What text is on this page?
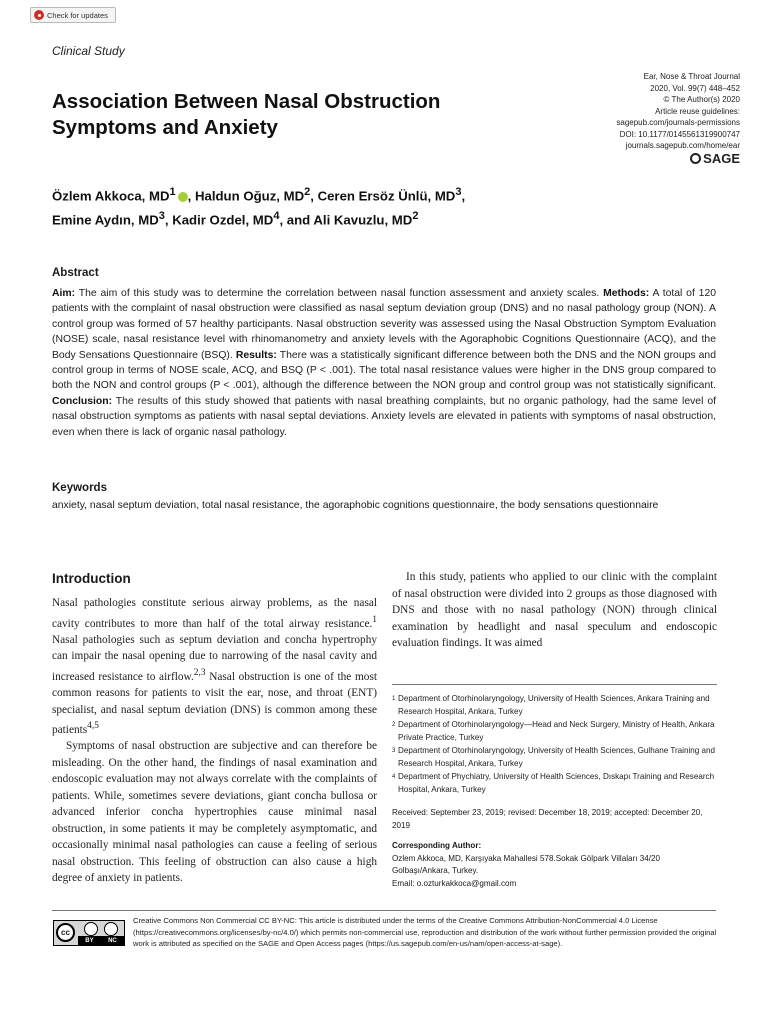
Check for updates
Clinical Study
Ear, Nose & Throat Journal
2020, Vol. 99(7) 448–452
© The Author(s) 2020
Article reuse guidelines:
sagepub.com/journals-permissions
DOI: 10.1177/0145561319900747
journals.sagepub.com/home/ear
SAGE
Association Between Nasal Obstruction Symptoms and Anxiety
Özlem Akkoca, $MD^1$ , Haldun Oğuz, $MD^2$, Ceren Ersöz Ünlü, $MD^3$,
Emine Aydın, $MD^3$, Kadir Ozdel, $MD^4$, and Ali Kavuzlu, $MD^2$
Abstract
Aim: The aim of this study was to determine the correlation between nasal function assessment and anxiety scales. Methods: A total of 120 patients with the complaint of nasal obstruction were classified as nasal septum deviation group (DNS) and no nasal pathology group (NON). A control group was formed of 57 healthy participants. Nasal obstruction severity was assessed using the Nasal Obstruction Symptom Evaluation (NOSE) scale, nasal resistance level with rhinomanometry and anxiety levels with the Agoraphobic Cognitions Questionnaire (ACQ), and the Body Sensations Questionnaire (BSQ). Results: There was a statistically significant difference between both the DNS and the NON groups and control group in terms of NOSE scale, ACQ, and BSQ (P < .001). The total nasal resistance values were higher in the DNS group compared to both the NON and control groups (P < .001), although the difference between the NON group and control group was not statistically significant. Conclusion: The results of this study showed that patients with nasal breathing complaints, but no organic pathology, had the same level of nasal obstruction symptoms as patients with nasal septal deviations. Anxiety levels are elevated in patients with symptoms of nasal obstruction, even when there is lack of organic nasal pathology.
Keywords
anxiety, nasal septum deviation, total nasal resistance, the agoraphobic cognitions questionnaire, the body sensations questionnaire
Introduction

Nasal pathologies constitute serious airway problems, as the nasal cavity contributes to more than half of the total airway resistance.$^1$ Nasal pathologies such as septum deviation and concha hypertrophy can impair the nasal opening due to narrowing of the nasal cavity and increased resistance to airflow.$^{2,3}$ Nasal obstruction is one of the most common reasons for patients to visit the ear, nose, and throat (ENT) specialist, and nasal septum deviation (DNS) is common among these patients$^{4,5}$

Symptoms of nasal obstruction are subjective and can therefore be misleading. On the other hand, the findings of nasal examination and endoscopic evaluation may not always correlate with the complaints of patients. While, sometimes severe deviations, giant concha bullosa or advanced inferior concha hypertrophies cause minimal nasal obstruction, in some patients it may be completely asymptomatic, and occasionally minimal nasal pathologies can cause a feeling of serious nasal obstruction. This feeling of obstruction can also cause a high degree of anxiety in patients.

In this study, patients who applied to our clinic with the complaint of nasal obstruction were divided into 2 groups as those diagnosed with DNS and those with no nasal pathology (NON) through clinical examination by headlight and nasal speculum and endoscopic evaluation findings. It was aimed
1 Department of Otorhinolaryngology, University of Health Sciences, Ankara Training and Research Hospital, Ankara, Turkey
2 Department of Otorhinolaryngology—Head and Neck Surgery, Ministry of Health, Ankara Private Practice, Turkey
3 Department of Otorhinolaryngology, University of Health Sciences, Gulhane Training and Research Hospital, Ankara, Turkey
4 Department of Phychiatry, University of Health Sciences, Dıskapı Training and Research Hospital, Ankara, Turkey
Received: September 23, 2019; revised: December 18, 2019; accepted: December 20, 2019
Corresponding Author:
Ozlem Akkoca, MD, Karşıyaka Mahallesi 578.Sokak Gölpark Villaları 34/20
Golbaşı/Ankara, Turkey.
Email: o.ozturkakkoca@gmail.com
cc
BY NC
Creative Commons Non Commercial CC BY-NC: This article is distributed under the terms of the Creative Commons Attribution-NonCommercial 4.0 License (https://creativecommons.org/licenses/by-nc/4.0/) which permits non-commercial use, reproduction and distribution of the work without further permission provided the original work is attributed as specified on the SAGE and Open Access pages (https://us.sagepub.com/en-us/nam/open-access-at-sage).
